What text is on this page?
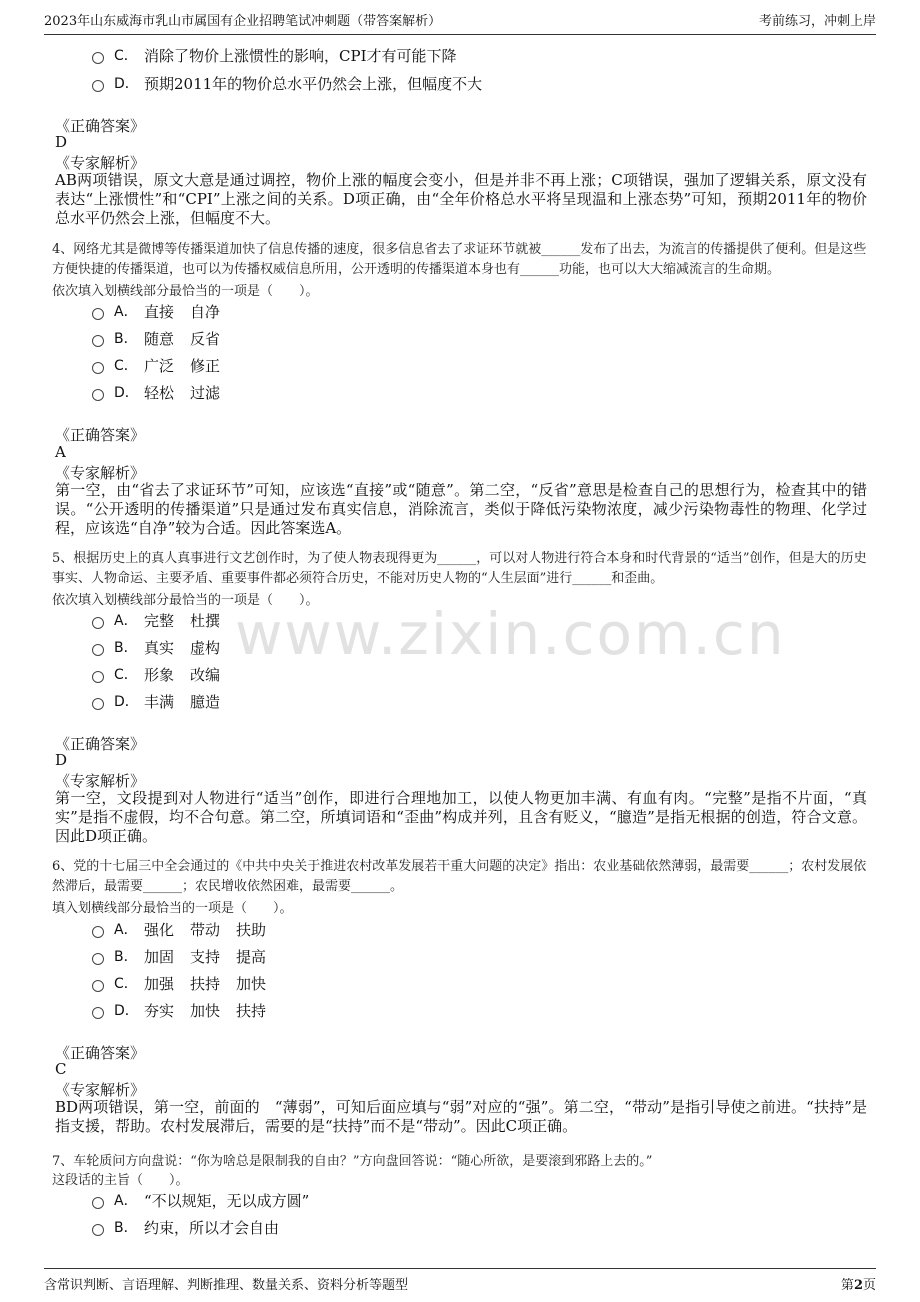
2023年山东威海市乳山市属国有企业招聘笔试冲刺题（带答案解析）	考前练习，冲刺上岸
www.zixin.com.cn
C． 消除了物价上涨惯性的影响，CPI才有可能下降
D． 预期2011年的物价总水平仍然会上涨，但幅度不大
《正确答案》
D
《专家解析》
AB两项错误，原文大意是通过调控，物价上涨的幅度会变小，但是并非不再上涨；C项错误，强加了逻辑关系，原文没有表达“上涨惯性”和“CPI”上涨之间的关系。D项正确，由“全年价格总水平将呈现温和上涨态势”可知，预期2011年的物价总水平仍然会上涨，但幅度不大。
4、网络尤其是微博等传播渠道加快了信息传播的速度，很多信息省去了求证环节就被______发布了出去，为流言的传播提供了便利。但是这些方便快捷的传播渠道，也可以为传播权威信息所用，公开透明的传播渠道本身也有______功能，也可以大大缩减流言的生命期。
依次填入划横线部分最恰当的一项是（　　）。
A． 直接 自净
B． 随意 反省
C． 广泛 修正
D． 轻松 过滤
《正确答案》
A
《专家解析》
第一空，由“省去了求证环节”可知，应该选“直接”或“随意”。第二空，“反省”意思是检查自己的思想行为，检查其中的错误。“公开透明的传播渠道”只是通过发布真实信息，消除流言，类似于降低污染物浓度，减少污染物毒性的物理、化学过程，应该选“自净”较为合适。因此答案选A。
5、根据历史上的真人真事进行文艺创作时，为了使人物表现得更为______，可以对人物进行符合本身和时代背景的“适当”创作，但是大的历史事实、人物命运、主要矛盾、重要事件都必须符合历史，不能对历史人物的“人生层面”进行______和歪曲。
依次填入划横线部分最恰当的一项是（　　）。
A． 完整 杜撰
B． 真实 虚构
C． 形象 改编
D． 丰满 臆造
《正确答案》
D
《专家解析》
第一空，文段提到对人物进行“适当”创作，即进行合理地加工，以使人物更加丰满、有血有肉。“完整”是指不片面，“真实”是指不虚假，均不合句意。第二空，所填词语和“歪曲”构成并列，且含有贬义，“臆造”是指无根据的创造，符合文意。因此D项正确。
6、党的十七届三中全会通过的《中共中央关于推进农村改革发展若干重大问题的决定》指出：农业基础依然薄弱，最需要______；农村发展依然滞后，最需要______；农民增收依然困难，最需要______。
填入划横线部分最恰当的一项是（　　）。
A． 强化 带动 扶助
B． 加固 支持 提高
C． 加强 扶持 加快
D． 夯实 加快 扶持
《正确答案》
C
《专家解析》
BD两项错误，第一空，前面的　“薄弱”，可知后面应填与“弱”对应的“强”。第二空，“带动”是指引导使之前进。“扶持”是指支援，帮助。农村发展滞后，需要的是“扶持”而不是“带动”。因此C项正确。
7、车轮质问方向盘说：“你为啥总是限制我的自由？”方向盘回答说：“随心所欲，是要滚到邪路上去的。”
这段话的主旨（　　）。
A． “不以规矩，无以成方圆”
B． 约束，所以才会自由
含常识判断、言语理解、判断推理、数量关系、资料分析等题型	第2页
